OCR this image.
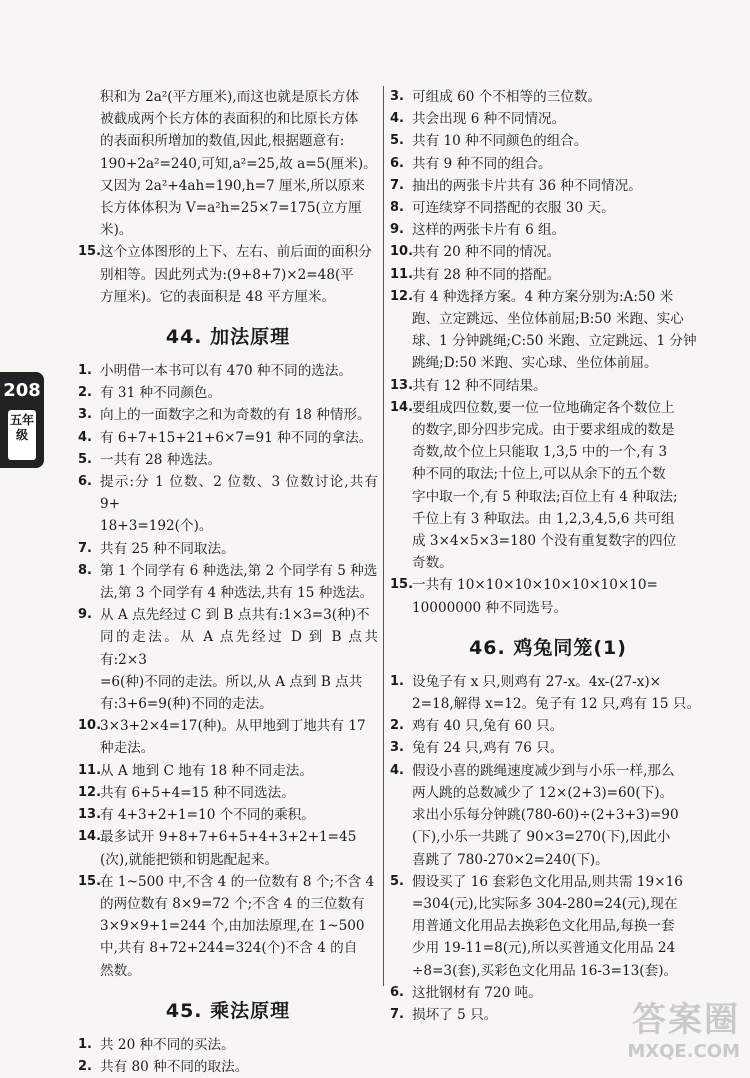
208
五年级
积和为 2a²(平方厘米),而这也就是原长方体
被截成两个长方体的表面积的和比原长方体
的表面积所增加的数值,因此,根据题意有:
190+2a²=240,可知,a²=25,故 a=5(厘米)。
又因为 2a²+4ah=190,h=7 厘米,所以原来
长方体体积为 V=a²h=25×7=175(立方厘
米)。
15.
这个立体图形的上下、左右、前后面的面积分
别相等。因此列式为:(9+8+7)×2=48(平
方厘米)。它的表面积是 48 平方厘米。
44. 加法原理
1. 小明借一本书可以有 470 种不同的选法。
2. 有 31 种不同颜色。
3. 向上的一面数字之和为奇数的有 18 种情形。
4. 有 6+7+15+21+6×7=91 种不同的拿法。
5. 一共有 28 种选法。
6. 提示:分 1 位数、2 位数、3 位数讨论,共有 9+
18+3=192(个)。
7. 共有 25 种不同取法。
8. 第 1 个同学有 6 种选法,第 2 个同学有 5 种选
法,第 3 个同学有 4 种选法,共有 15 种选法。
9. 从 A 点先经过 C 到 B 点共有:1×3=3(种)不
同的走法。从 A 点先经过 D 到 B 点共有:2×3
=6(种)不同的走法。所以,从 A 点到 B 点共
有:3+6=9(种)不同的走法。
10.
3×3+2×4=17(种)。从甲地到丁地共有 17
种走法。
11.
从 A 地到 C 地有 18 种不同走法。
12.
共有 6+5+4=15 种不同选法。
13.
有 4+3+2+1=10 个不同的乘积。
14.
最多试开 9+8+7+6+5+4+3+2+1=45
(次),就能把锁和钥匙配起来。
15.
在 1~500 中,不含 4 的一位数有 8 个;不含 4
的两位数有 8×9=72 个;不含 4 的三位数有
3×9×9+1=244 个,由加法原理,在 1~500
中,共有 8+72+244=324(个)不含 4 的自
然数。
45. 乘法原理
1. 共 20 种不同的买法。
2. 共有 80 种不同的取法。
3. 可组成 60 个不相等的三位数。
4. 共会出现 6 种不同情况。
5. 共有 10 种不同颜色的组合。
6. 共有 9 种不同的组合。
7. 抽出的两张卡片共有 36 种不同情况。
8. 可连续穿不同搭配的衣服 30 天。
9. 这样的两张卡片有 6 组。
10.
共有 20 种不同的情况。
11.
共有 28 种不同的搭配。
12.
有 4 种选择方案。4 种方案分别为:A:50 米
跑、立定跳远、坐位体前屈;B:50 米跑、实心
球、1 分钟跳绳;C:50 米跑、立定跳远、1 分钟
跳绳;D:50 米跑、实心球、坐位体前屈。
13.
共有 12 种不同结果。
14.
要组成四位数,要一位一位地确定各个数位上
的数字,即分四步完成。由于要求组成的数是
奇数,故个位上只能取 1,3,5 中的一个,有 3
种不同的取法;十位上,可以从余下的五个数
字中取一个,有 5 种取法;百位上有 4 种取法;
千位上有 3 种取法。由 1,2,3,4,5,6 共可组
成 3×4×5×3=180 个没有重复数字的四位
奇数。
15.
一共有 10×10×10×10×10×10×10=
10000000 种不同选号。
46. 鸡兔同笼(1)
1. 设兔子有 x 只,则鸡有 27-x。4x-(27-x)×
2=18,解得 x=12。兔子有 12 只,鸡有 15 只。
2. 鸡有 40 只,兔有 60 只。
3. 兔有 24 只,鸡有 76 只。
4. 假设小喜的跳绳速度减少到与小乐一样,那么
两人跳的总数减少了 12×(2+3)=60(下)。
求出小乐每分钟跳(780-60)÷(2+3+3)=90
(下),小乐一共跳了 90×3=270(下),因此小
喜跳了 780-270×2=240(下)。
5. 假设买了 16 套彩色文化用品,则共需 19×16
=304(元),比实际多 304-280=24(元),现在
用普通文化用品去换彩色文化用品,每换一套
少用 19-11=8(元),所以买普通文化用品 24
÷8=3(套),买彩色文化用品 16-3=13(套)。
6. 这批钢材有 720 吨。
7. 损坏了 5 只。	答案圈
MXQE.COM
